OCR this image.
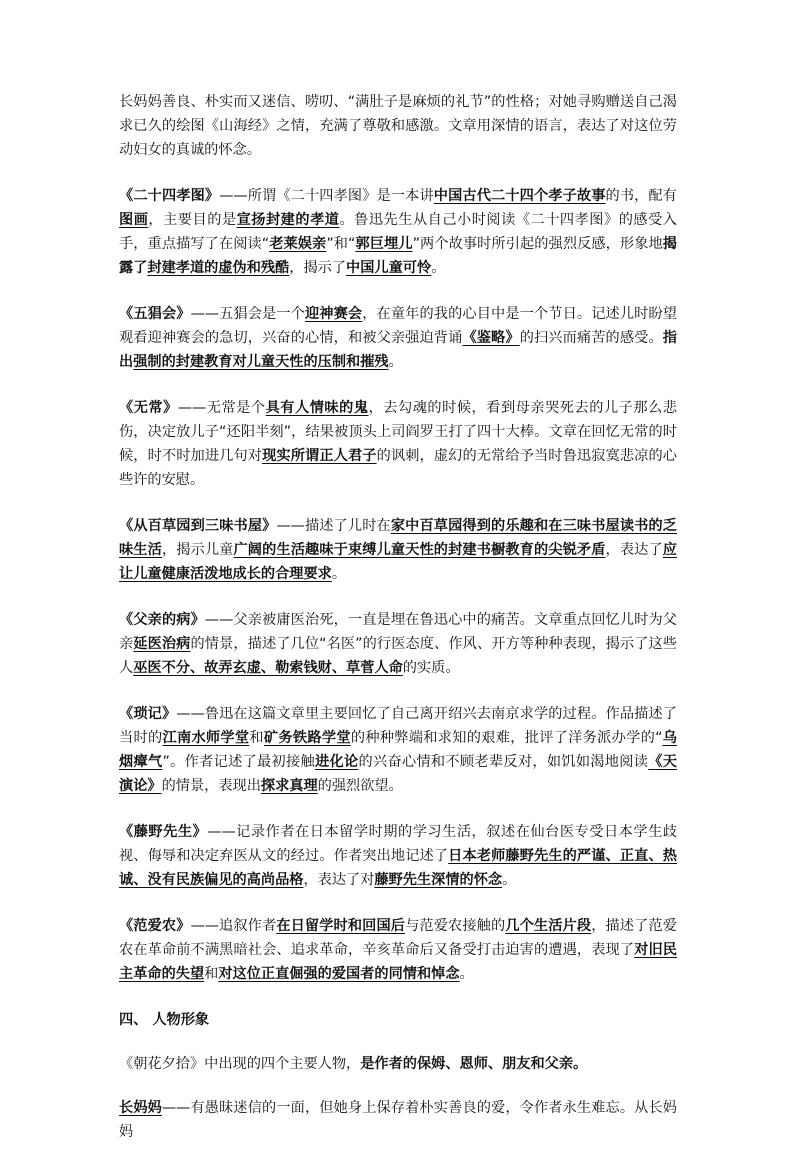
长妈妈善良、朴实而又迷信、唠叨、“满肚子是麻烦的礼节”的性格；对她寻购赠送自己渴求已久的绘图《山海经》之情，充满了尊敬和感激。文章用深情的语言，表达了对这位劳动妇女的真诚的怀念。

《二十四孝图》——所谓《二十四孝图》是一本讲中国古代二十四个孝子故事的书，配有图画，主要目的是宣扬封建的孝道。鲁迅先生从自己小时阅读《二十四孝图》的感受入手，重点描写了在阅读“老莱娱亲”和“郭巨埋儿”两个故事时所引起的强烈反感，形象地揭露了封建孝道的虚伪和残酷，揭示了中国儿童可怜。

《五猖会》——五猖会是一个迎神赛会，在童年的我的心目中是一个节日。记述儿时盼望观看迎神赛会的急切，兴奋的心情，和被父亲强迫背诵《鉴略》的扫兴而痛苦的感受。指出强制的封建教育对儿童天性的压制和摧残。

《无常》——无常是个具有人情味的鬼，去勾魂的时候，看到母亲哭死去的儿子那么悲伤，决定放儿子“还阳半刻”，结果被顶头上司阎罗王打了四十大棒。文章在回忆无常的时候，时不时加进几句对现实所谓正人君子的讽刺，虚幻的无常给予当时鲁迅寂寞悲凉的心些许的安慰。

《从百草园到三味书屋》——描述了儿时在家中百草园得到的乐趣和在三味书屋读书的乏味生活，揭示儿童广阔的生活趣味于束缚儿童天性的封建书橱教育的尖锐矛盾，表达了应让儿童健康活泼地成长的合理要求。

《父亲的病》——父亲被庸医治死，一直是埋在鲁迅心中的痛苦。文章重点回忆儿时为父亲延医治病的情景，描述了几位“名医”的行医态度、作风、开方等种种表现，揭示了这些人巫医不分、故弄玄虚、勒索钱财、草菅人命的实质。

《琐记》——鲁迅在这篇文章里主要回忆了自己离开绍兴去南京求学的过程。作品描述了当时的江南水师学堂和矿务铁路学堂的种种弊端和求知的艰难，批评了洋务派办学的“乌烟瘴气”。作者记述了最初接触进化论的兴奋心情和不顾老辈反对，如饥如渴地阅读《天演论》的情景，表现出探求真理的强烈欲望。

《藤野先生》——记录作者在日本留学时期的学习生活，叙述在仙台医专受日本学生歧视、侮辱和决定弃医从文的经过。作者突出地记述了日本老师藤野先生的严谨、正直、热诚、没有民族偏见的高尚品格，表达了对藤野先生深情的怀念。

《范爱农》——追叙作者在日留学时和回国后与范爱农接触的几个生活片段，描述了范爱农在革命前不满黑暗社会、追求革命，辛亥革命后又备受打击迫害的遭遇，表现了对旧民主革命的失望和对这位正直倔强的爱国者的同情和悼念。

四、 人物形象

《朝花夕拾》中出现的四个主要人物，是作者的保姆、恩师、朋友和父亲。

长妈妈——有愚昧迷信的一面，但她身上保存着朴实善良的爱，令作者永生难忘。从长妈妈
